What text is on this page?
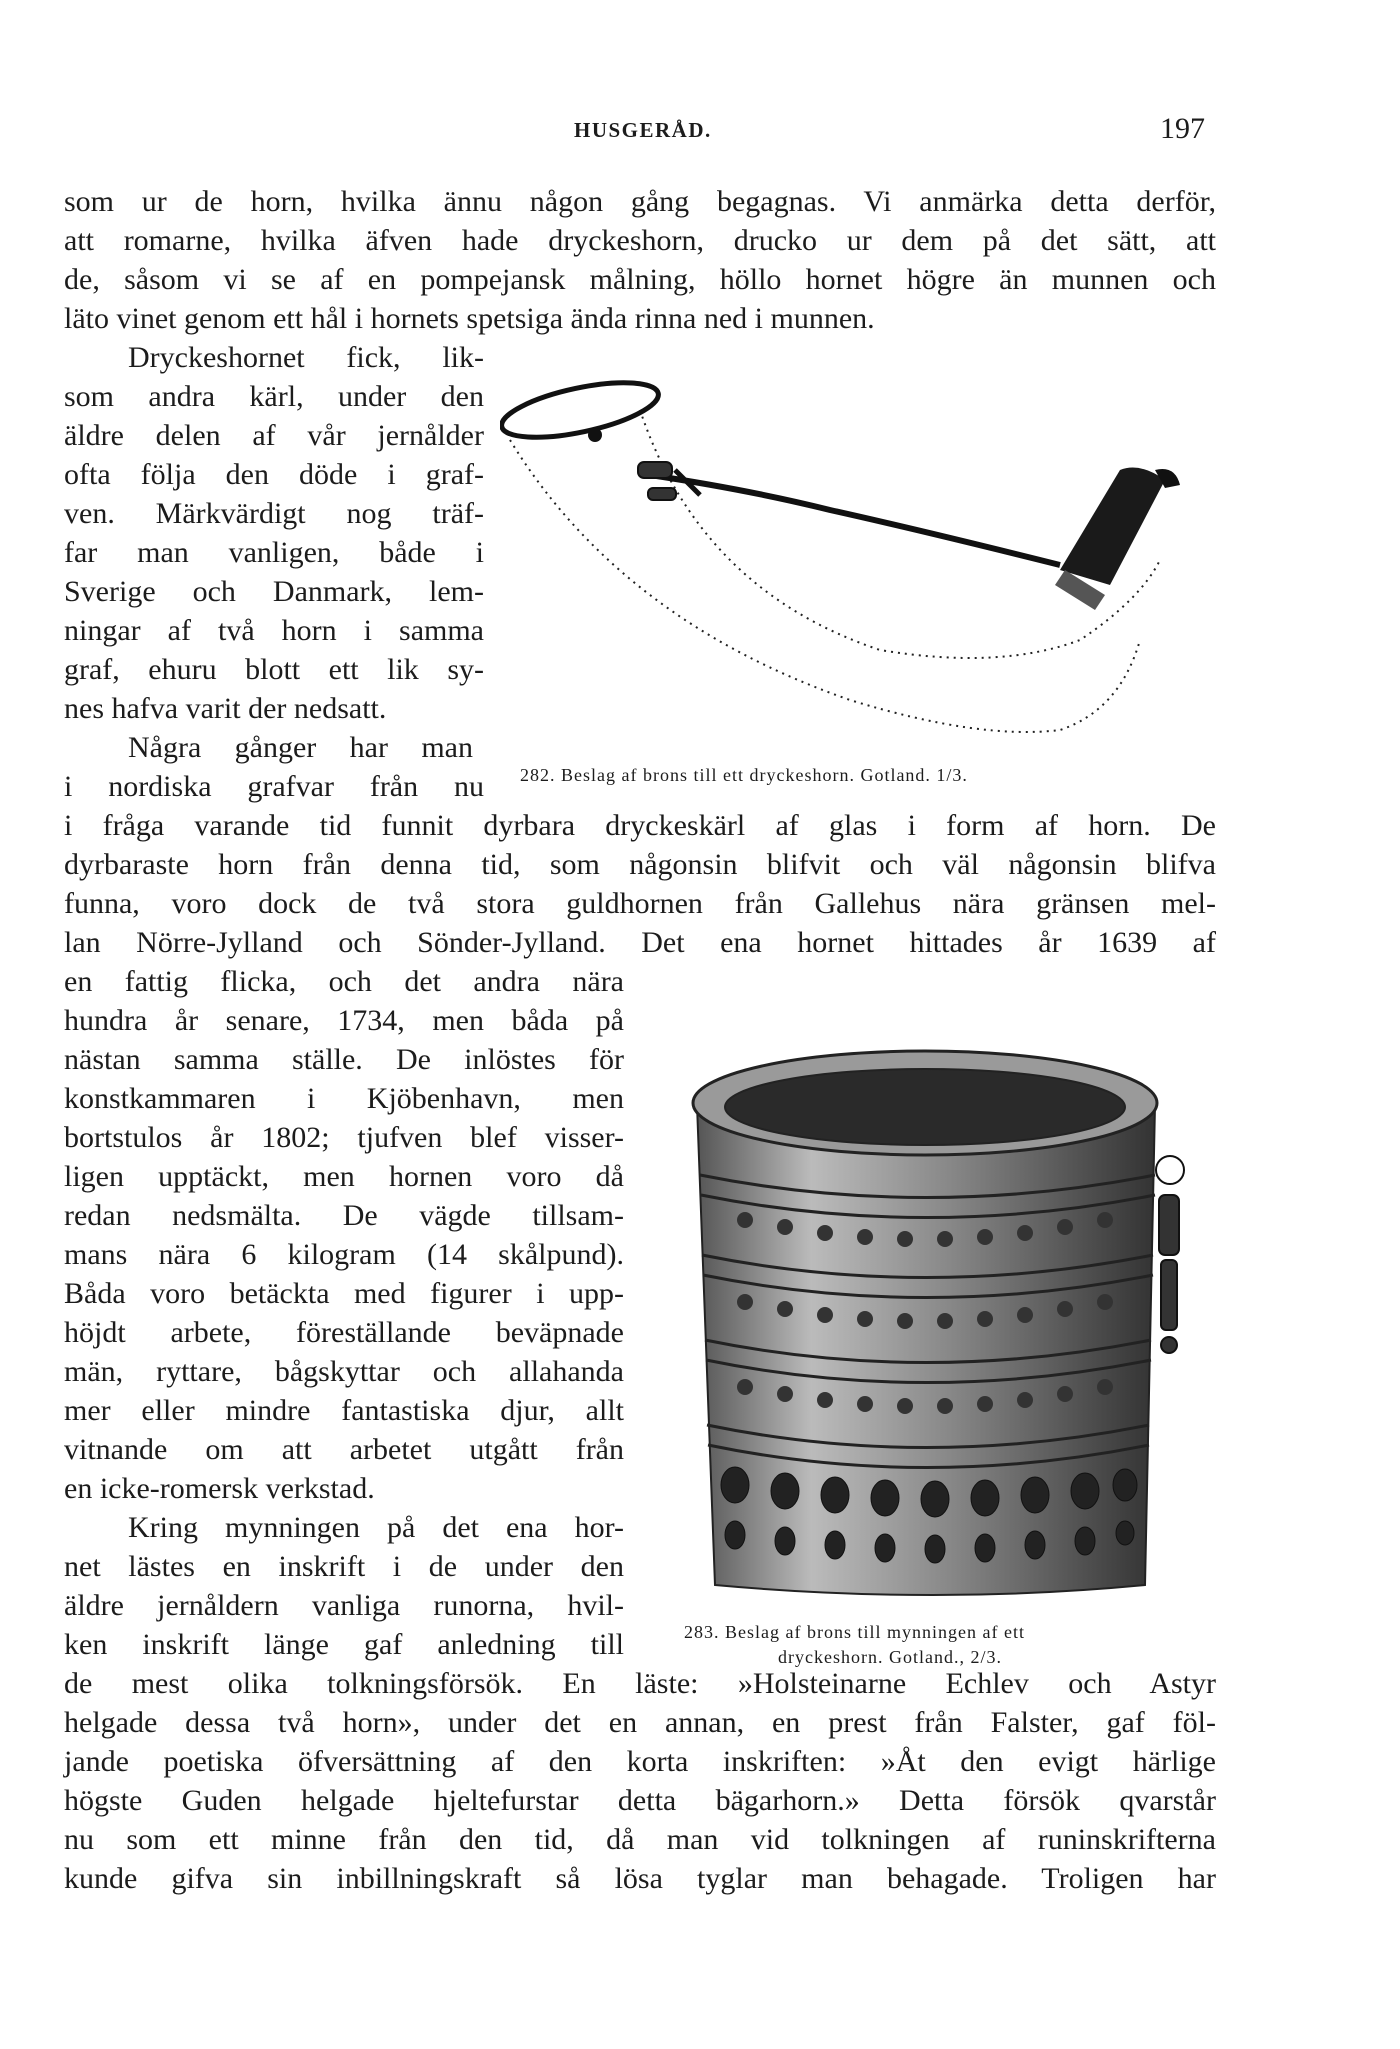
HUSGERÅD.	197
som ur de horn, hvilka ännu någon gång begagnas. Vi anmärka detta derför,
att romarne, hvilka äfven hade dryckeshorn, drucko ur dem på det sätt, att
de, såsom vi se af en pompejansk målning, höllo hornet högre än munnen och
läto vinet genom ett hål i hornets spetsiga ända rinna ned i munnen.
Dryckeshornet fick, lik-
som andra kärl, under den
äldre delen af vår jernålder
ofta följa den döde i graf-
ven. Märkvärdigt nog träf-
far man vanligen, både i
Sverige och Danmark, lem-
ningar af två horn i samma
graf, ehuru blott ett lik sy-
nes hafva varit der nedsatt.
Några gånger har man
i nordiska grafvar från nu
i fråga varande tid funnit dyrbara dryckeskärl af glas i form af horn. De
dyrbaraste horn från denna tid, som någonsin blifvit och väl någonsin blifva
funna, voro dock de två stora guldhornen från Gallehus nära gränsen mel-
lan Nörre-Jylland och Sönder-Jylland. Det ena hornet hittades år 1639 af
en fattig flicka, och det andra nära
hundra år senare, 1734, men båda på
nästan samma ställe. De inlöstes för
konstkammaren i Kjöbenhavn, men
bortstulos år 1802; tjufven blef visser-
ligen upptäckt, men hornen voro då
redan nedsmälta. De vägde tillsam-
mans nära 6 kilogram (14 skålpund).
Båda voro betäckta med figurer i upp-
höjdt arbete, föreställande beväpnade
män, ryttare, bågskyttar och allahanda
mer eller mindre fantastiska djur, allt
vitnande om att arbetet utgått från
en icke-romersk verkstad.
Kring mynningen på det ena hor-
net lästes en inskrift i de under den
äldre jernåldern vanliga runorna, hvil-
ken inskrift länge gaf anledning till
de mest olika tolkningsförsök. En läste: »Holsteinarne Echlev och Astyr
helgade dessa två horn», under det en annan, en prest från Falster, gaf föl-
jande poetiska öfversättning af den korta inskriften: »Åt den evigt härlige
högste Guden helgade hjeltefurstar detta bägarhorn.» Detta försök qvarstår
nu som ett minne från den tid, då man vid tolkningen af runinskrifterna
kunde gifva sin inbillningskraft så lösa tyglar man behagade. Troligen har
282. Beslag af brons till ett dryckeshorn. Gotland. 1/3.
283. Beslag af brons till mynningen af ett
dryckeshorn. Gotland., 2/3.
